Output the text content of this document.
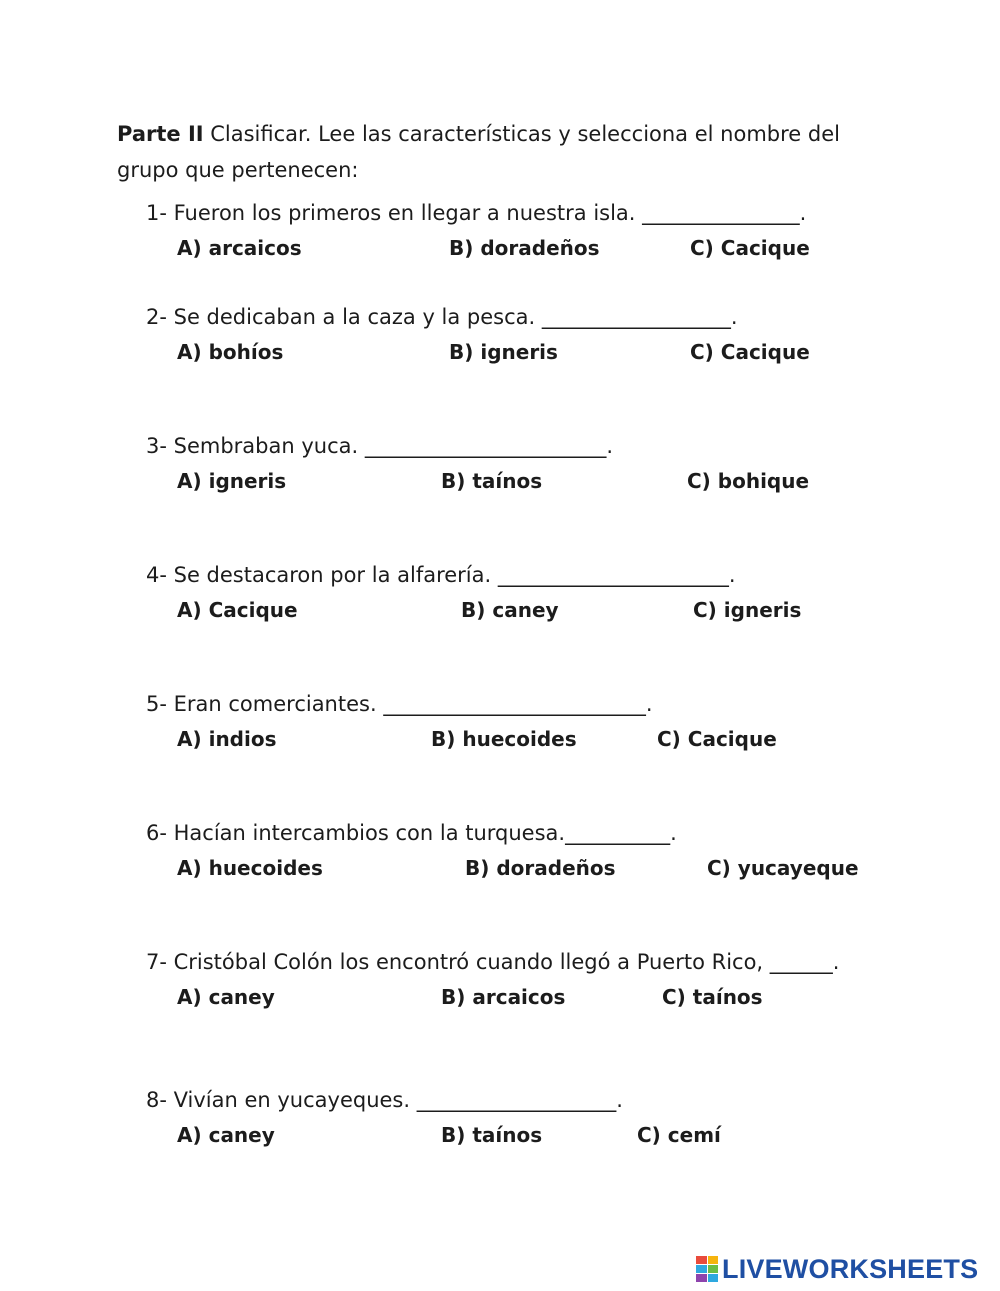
Parte II Clasificar. Lee las características y selecciona el nombre del grupo que pertenecen:
1- Fueron los primeros en llegar a nuestra isla. _______________.
A) arcaicos	B) doradeños	C) Cacique
2- Se dedicaban a la caza y la pesca. __________________.
A) bohíos	B) igneris	C) Cacique
3- Sembraban yuca. _______________________.
A) igneris	B) taínos	C) bohique
4- Se destacaron por la alfarería. ______________________.
A) Cacique	B) caney	C) igneris
5- Eran comerciantes. _________________________.
A) indios	B) huecoides	C) Cacique
6- Hacían intercambios con la turquesa.__________.
A) huecoides	B) doradeños	C) yucayeque
7- Cristóbal Colón los encontró cuando llegó a Puerto Rico, ______.
A) caney	B) arcaicos	C) taínos
8- Vivían en yucayeques. ___________________.
A) caney	B) taínos	C) cemí
LIVEWORKSHEETS
